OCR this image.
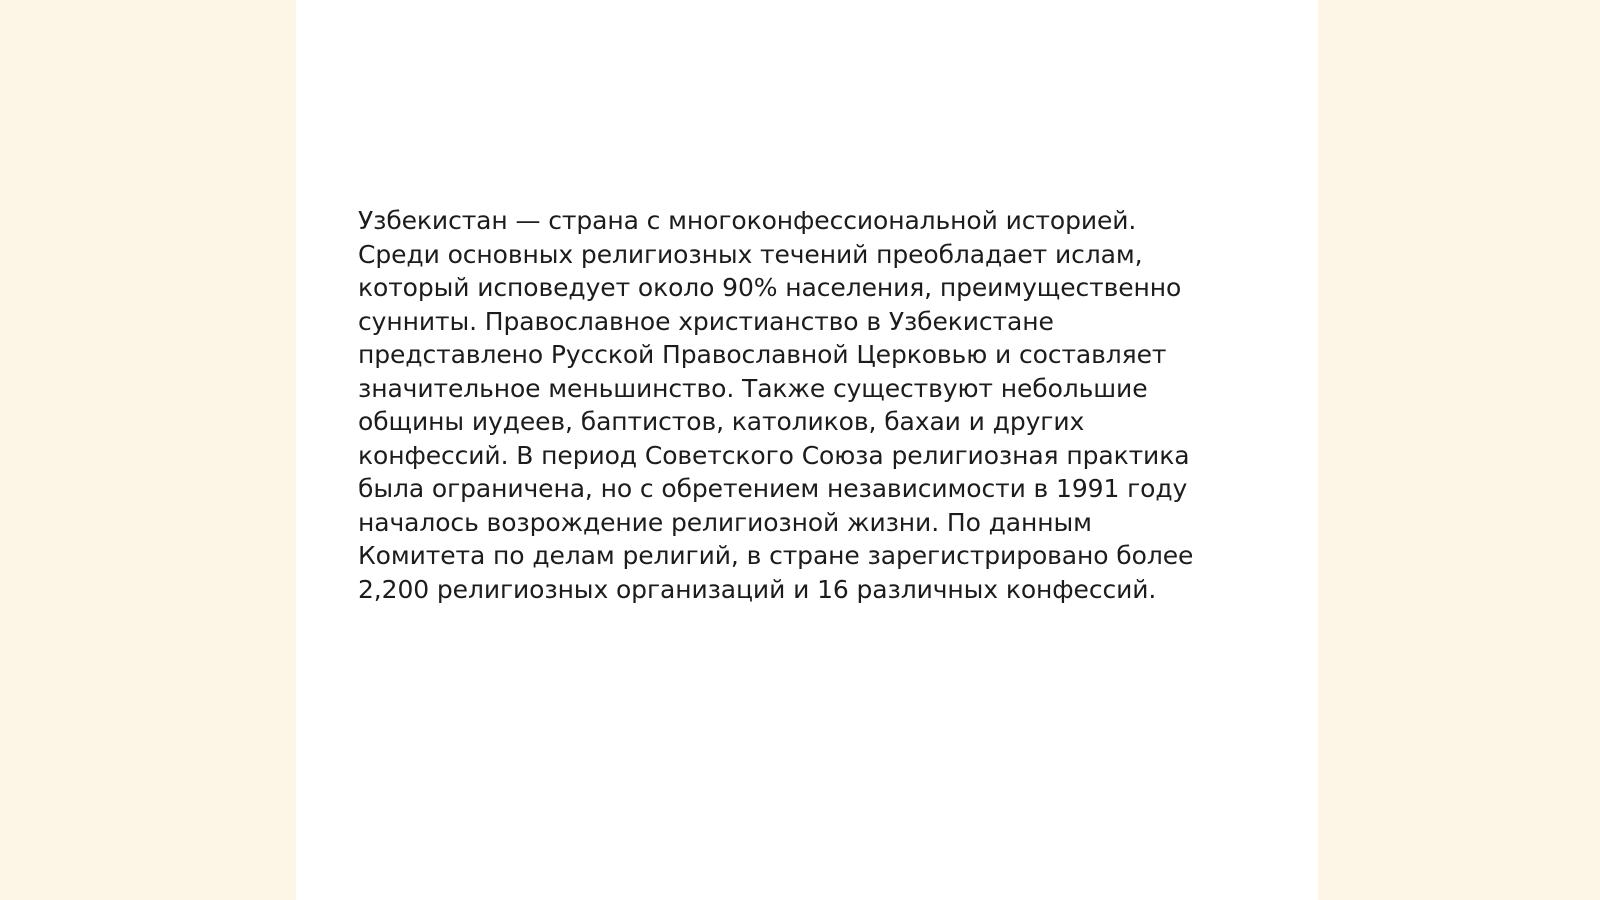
Узбекистан — страна с многоконфессиональной историей.
Среди основных религиозных течений преобладает ислам,
который исповедует около 90% населения, преимущественно
сунниты. Православное христианство в Узбекистане
представлено Русской Православной Церковью и составляет
значительное меньшинство. Также существуют небольшие
общины иудеев, баптистов, католиков, бахаи и других
конфессий. В период Советского Союза религиозная практика
была ограничена, но с обретением независимости в 1991 году
началось возрождение религиозной жизни. По данным
Комитета по делам религий, в стране зарегистрировано более
2,200 религиозных организаций и 16 различных конфессий.
